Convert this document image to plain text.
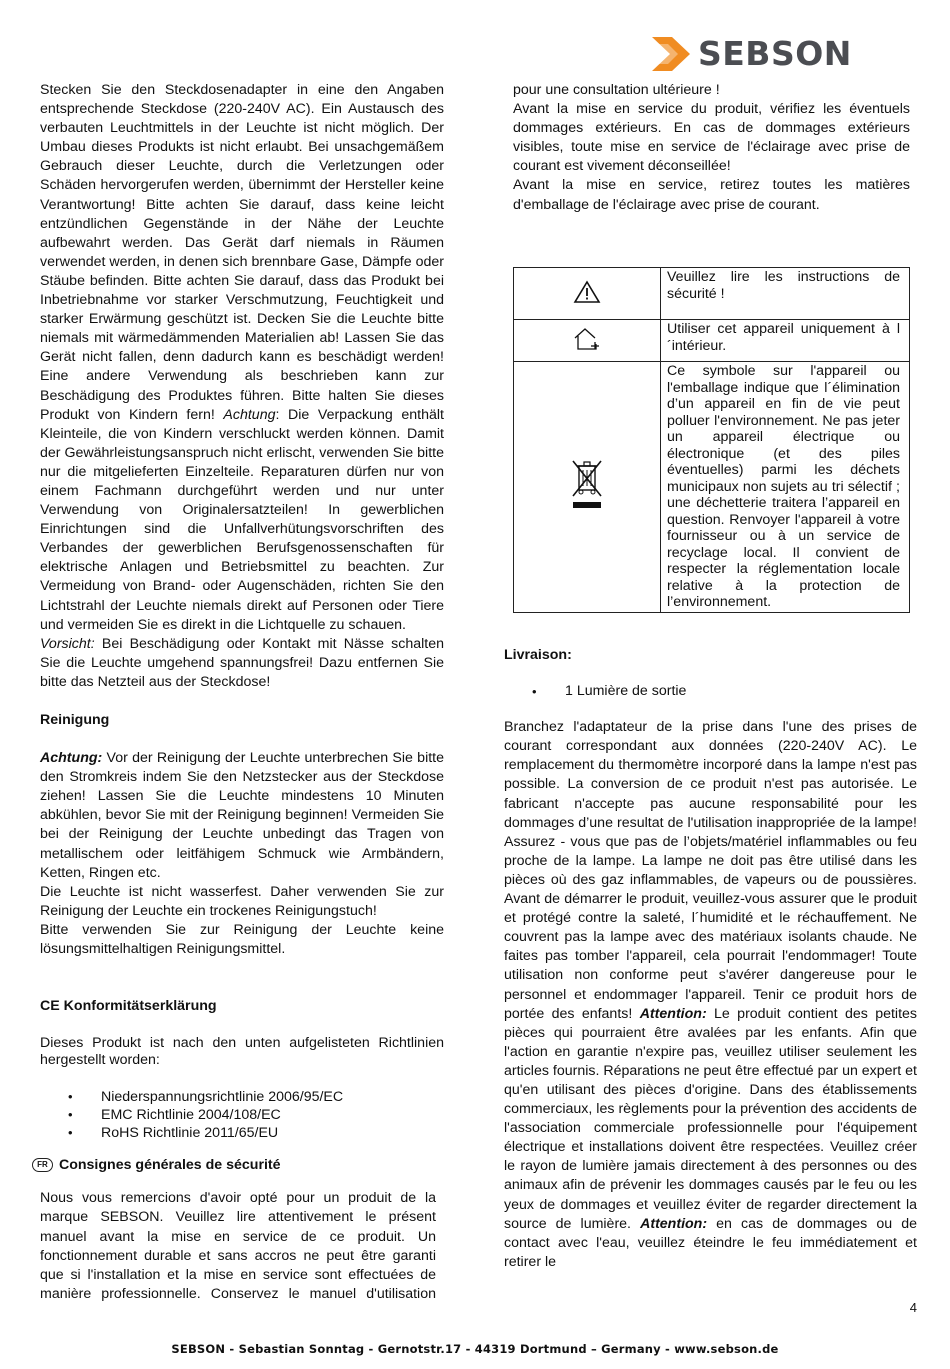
SEBSON

Stecken Sie den Steckdosenadapter in eine den Angaben entsprechende Steckdose (220-240V AC). Ein Austausch des verbauten Leuchtmittels in der Leuchte ist nicht möglich. Der Umbau dieses Produkts ist nicht erlaubt. Bei unsachgemäßem Gebrauch dieser Leuchte, durch die Verletzungen oder Schäden hervorgerufen werden, übernimmt der Hersteller keine Verantwortung! Bitte achten Sie darauf, dass keine leicht entzündlichen Gegenstände in der Nähe der Leuchte aufbewahrt werden. Das Gerät darf niemals in Räumen verwendet werden, in denen sich brennbare Gase, Dämpfe oder Stäube befinden. Bitte achten Sie darauf, dass das Produkt bei Inbetriebnahme vor starker Verschmutzung, Feuchtigkeit und starker Erwärmung geschützt ist. Decken Sie die Leuchte bitte niemals mit wärmedämmenden Materialien ab! Lassen Sie das Gerät nicht fallen, denn dadurch kann es beschädigt werden! Eine andere Verwendung als beschrieben kann zur Beschädigung des Produktes führen. Bitte halten Sie dieses Produkt von Kindern fern! Achtung: Die Verpackung enthält Kleinteile, die von Kindern verschluckt werden können. Damit der Gewährleistungsanspruch nicht erlischt, verwenden Sie bitte nur die mitgelieferten Einzelteile. Reparaturen dürfen nur von einem Fachmann durchgeführt werden und nur unter Verwendung von Originalersatzteilen! In gewerblichen Einrichtungen sind die Unfallverhütungsvorschriften des Verbandes der gewerblichen Berufsgenossenschaften für elektrische Anlagen und Betriebsmittel zu beachten. Zur Vermeidung von Brand- oder Augenschäden, richten Sie den Lichtstrahl der Leuchte niemals direkt auf Personen oder Tiere und vermeiden Sie es direkt in die Lichtquelle zu schauen.
Vorsicht: Bei Beschädigung oder Kontakt mit Nässe schalten Sie die Leuchte umgehend spannungsfrei! Dazu entfernen Sie bitte das Netzteil aus der Steckdose!

Reinigung

Achtung: Vor der Reinigung der Leuchte unterbrechen Sie bitte den Stromkreis indem Sie den Netzstecker aus der Steckdose ziehen! Lassen Sie die Leuchte mindestens 10 Minuten abkühlen, bevor Sie mit der Reinigung beginnen! Vermeiden Sie bei der Reinigung der Leuchte unbedingt das Tragen von metallischem oder leitfähigem Schmuck wie Armbändern, Ketten, Ringen etc.

Die Leuchte ist nicht wasserfest. Daher verwenden Sie zur Reinigung der Leuchte ein trockenes Reinigungstuch!

Bitte verwenden Sie zur Reinigung der Leuchte keine lösungsmittelhaltigen Reinigungsmittel.

CE Konformitätserklärung

Dieses Produkt ist nach den unten aufgelisteten Richtlinien hergestellt worden:

• Niederspannungsrichtlinie 2006/95/EC
• EMC Richtlinie 2004/108/EC
• RoHS Richtlinie 2011/65/EU

FR Consignes générales de sécurité

Nous vous remercions d'avoir opté pour un produit de la marque SEBSON. Veuillez lire attentivement le présent manuel avant la mise en service de ce produit. Un fonctionnement durable et sans accros ne peut être garanti que si l'installation et la mise en service sont effectuées de manière professionnelle. Conservez le manuel d'utilisation

pour une consultation ultérieure !

Avant la mise en service du produit, vérifiez les éventuels dommages extérieurs. En cas de dommages extérieurs visibles, toute mise en service de l'éclairage avec prise de courant est vivement déconseillée!

Avant la mise en service, retirez toutes les matières d'emballage de l'éclairage avec prise de courant.

	Veuillez lire les instructions de sécurité !
	Utiliser cet appareil uniquement à l´intérieur.
	Ce symbole sur l'appareil ou l'emballage indique que l´élimination d’un appareil en fin de vie peut polluer l'environnement. Ne pas jeter un appareil électrique ou électronique (et des piles éventuelles) parmi les déchets municipaux non sujets au tri sélectif ; une déchetterie traitera l’appareil en question. Renvoyer l'appareil à votre fournisseur ou à un service de recyclage local. Il convient de respecter la réglementation locale relative à la protection de l’environnement.

Livraison:

• 1 Lumière de sortie

Branchez l'adaptateur de la prise dans l'une des prises de courant correspondant aux données (220-240V AC). Le remplacement du thermomètre incorporé dans la lampe n'est pas possible. La conversion de ce produit n'est pas autorisée. Le fabricant n'accepte pas aucune responsabilité pour les dommages d’une resultat de l'utilisation inappropriée de la lampe! Assurez - vous que pas de l’objets/matériel inflammables ou feu proche de la lampe. La lampe ne doit pas être utilisé dans les pièces où des gaz inflammables, de vapeurs ou de poussières. Avant de démarrer le produit, veuillez-vous assurer que le produit et protégé contre la saleté, l´humidité et le réchauffement. Ne couvrent pas la lampe avec des matériaux isolants chaude. Ne faites pas tomber l'appareil, cela pourrait l'endommager! Toute utilisation non conforme peut s'avérer dangereuse pour le personnel et endommager l'appareil. Tenir ce produit hors de portée des enfants! Attention: Le produit contient des petites pièces qui pourraient être avalées par les enfants. Afin que l'action en garantie n'expire pas, veuillez utiliser seulement les articles fournis. Réparations ne peut être effectué par un expert et qu'en utilisant des pièces d'origine. Dans des établissements commerciaux, les règlements pour la prévention des accidents de l'association commerciale professionnelle pour l'équipement électrique et installations doivent être respectées. Veuillez créer le rayon de lumière jamais directement à des personnes ou des animaux afin de prévenir les dommages causés par le feu ou les yeux de dommages et veuillez éviter de regarder directement la source de lumière. Attention: en cas de dommages ou de contact avec l'eau, veuillez éteindre le feu immédiatement et retirer le

4
SEBSON - Sebastian Sonntag - Gernotstr.17 - 44319 Dortmund – Germany - www.sebson.de
